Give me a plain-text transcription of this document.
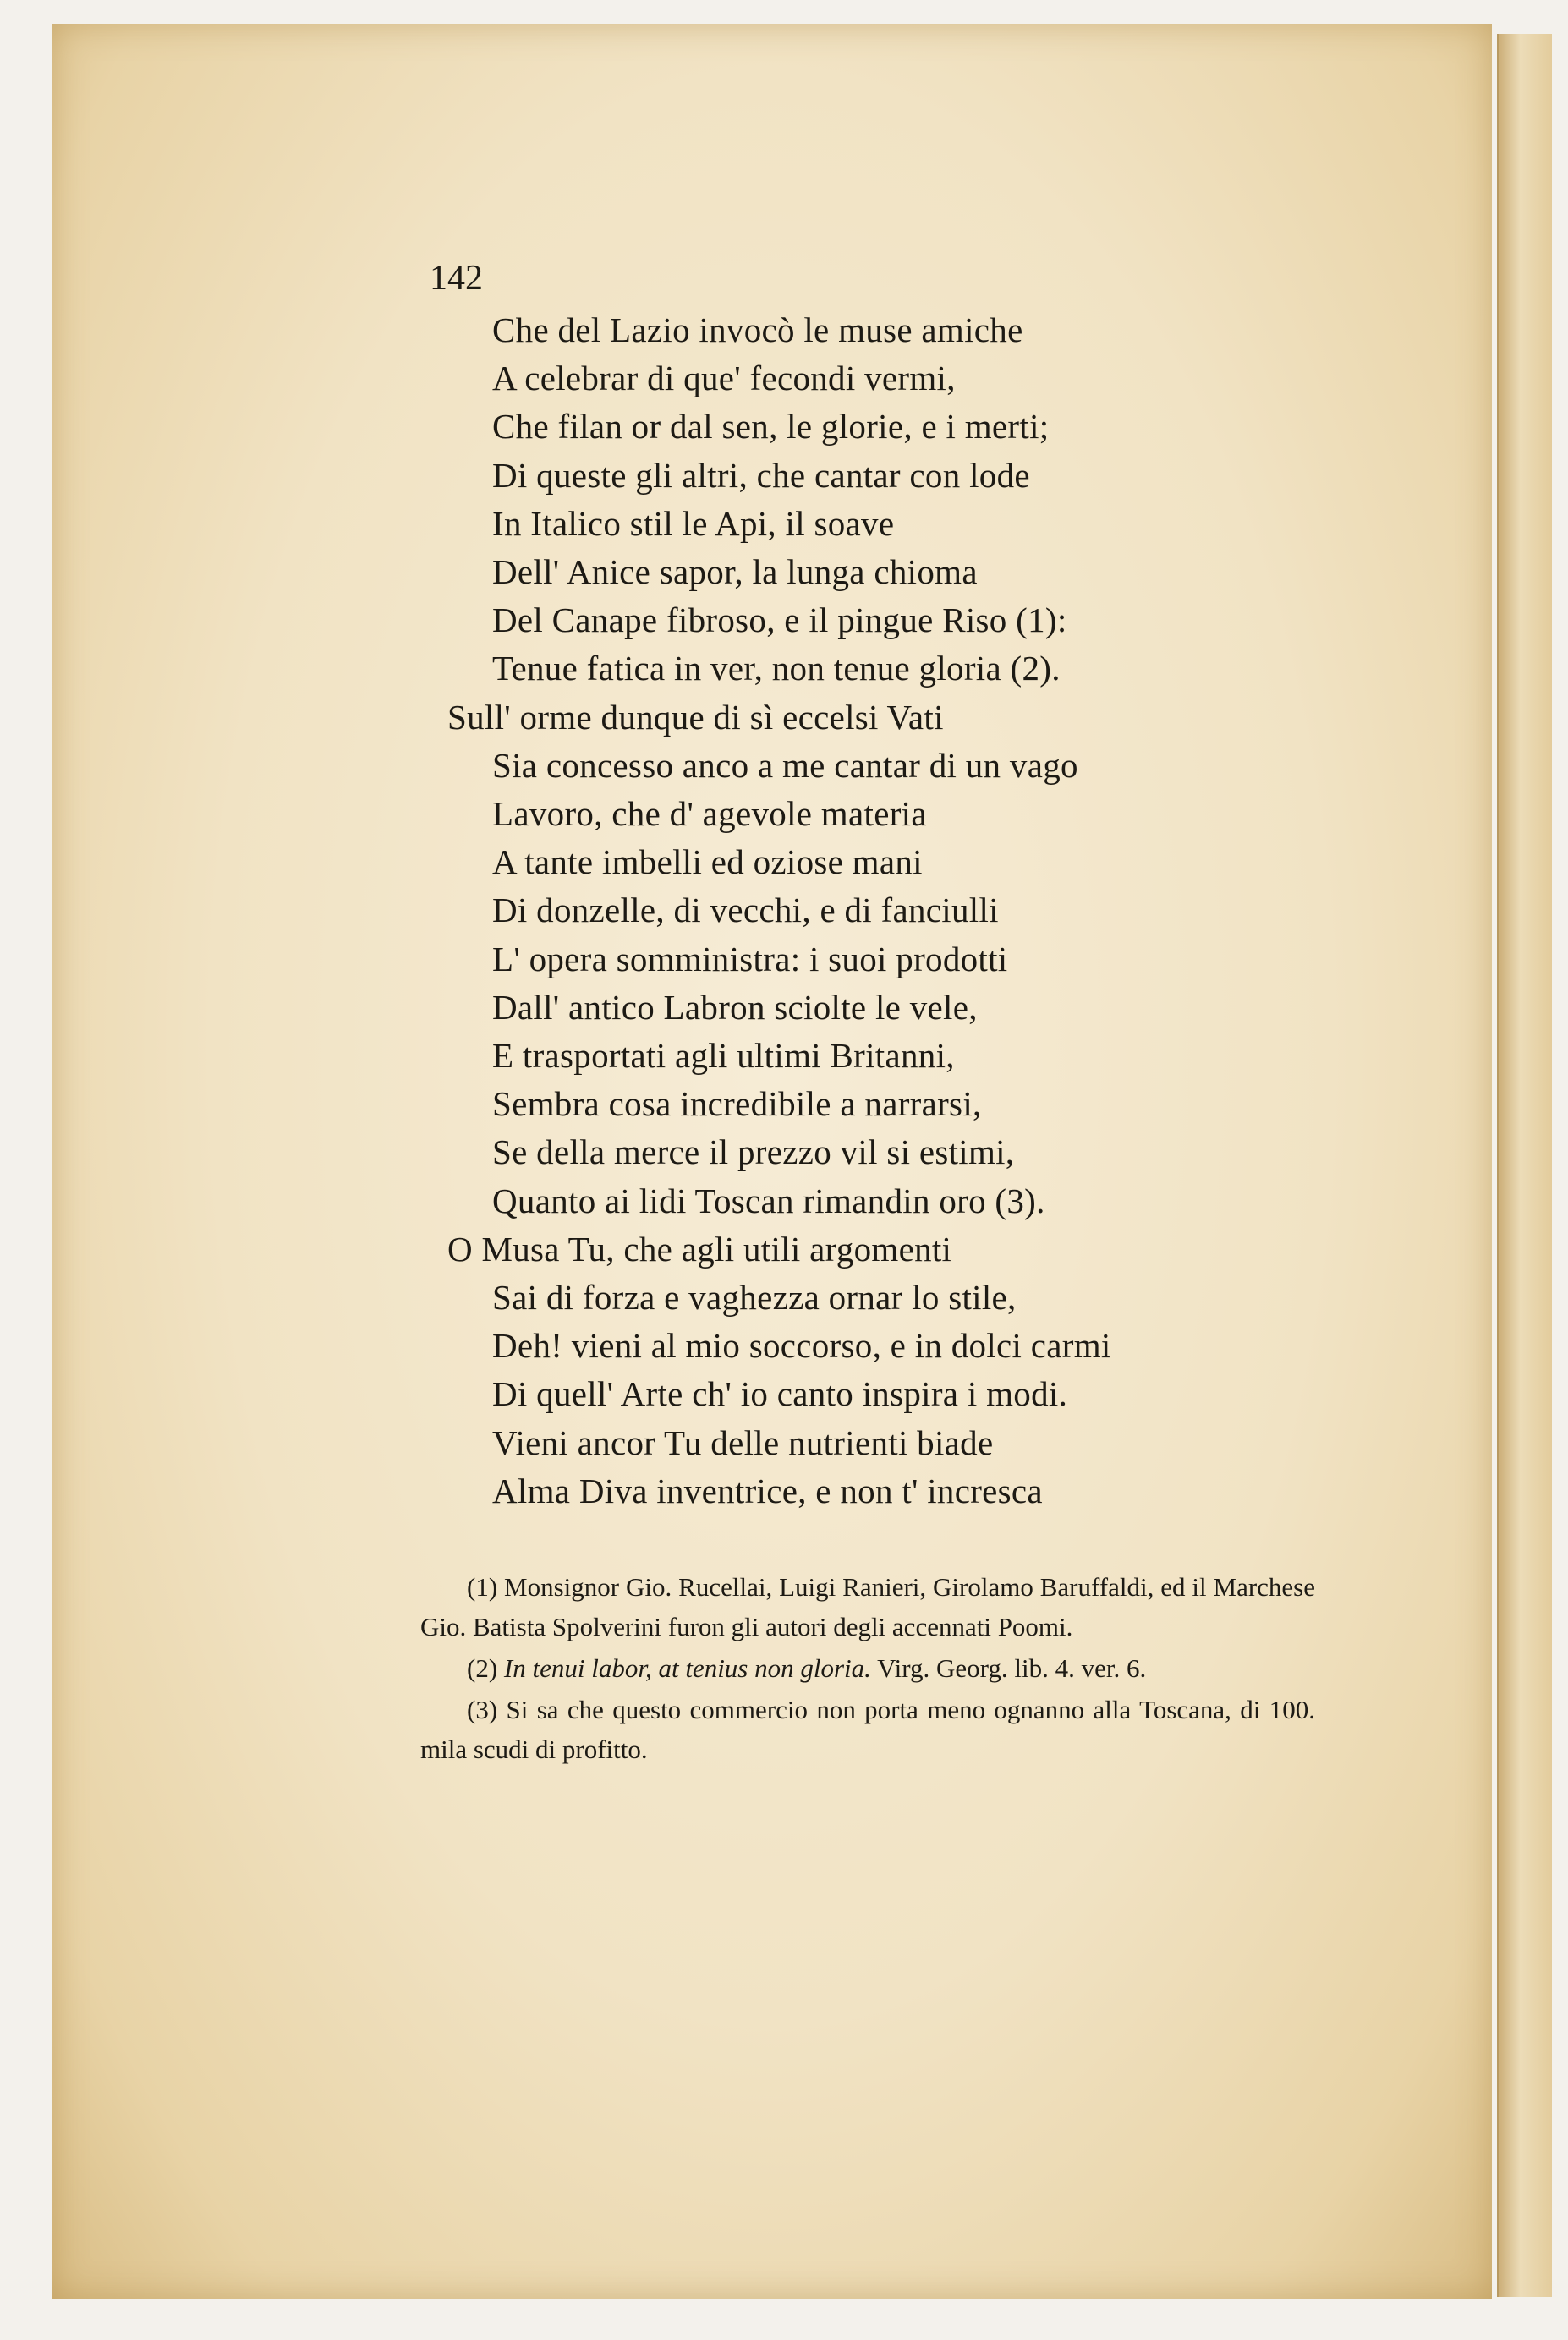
142
Che del Lazio invocò le muse amiche
A celebrar di que' fecondi vermi,
Che filan or dal sen, le glorie, e i merti;
Di queste gli altri, che cantar con lode
In Italico stil le Api, il soave
Dell' Anice sapor, la lunga chioma
Del Canape fibroso, e il pingue Riso (1):
Tenue fatica in ver, non tenue gloria (2).
Sull' orme dunque di sì eccelsi Vati
Sia concesso anco a me cantar di un vago
Lavoro, che d' agevole materia
A tante imbelli ed oziose mani
Di donzelle, di vecchi, e di fanciulli
L' opera somministra: i suoi prodotti
Dall' antico Labron sciolte le vele,
E trasportati agli ultimi Britanni,
Sembra cosa incredibile a narrarsi,
Se della merce il prezzo vil si estimi,
Quanto ai lidi Toscan rimandin oro (3).
O Musa Tu, che agli utili argomenti
Sai di forza e vaghezza ornar lo stile,
Deh! vieni al mio soccorso, e in dolci carmi
Di quell' Arte ch' io canto inspira i modi.
Vieni ancor Tu delle nutrienti biade
Alma Diva inventrice, e non t' incresca

(1) Monsignor Gio. Rucellai, Luigi Ranieri, Girolamo Baruffaldi, ed il Marchese Gio. Batista Spolverini furon gli autori degli accennati Poomi.

(2) In tenui labor, at tenius non gloria. Virg. Georg. lib. 4. ver. 6.

(3) Si sa che questo commercio non porta meno ognanno alla Toscana, di 100. mila scudi di profitto.
